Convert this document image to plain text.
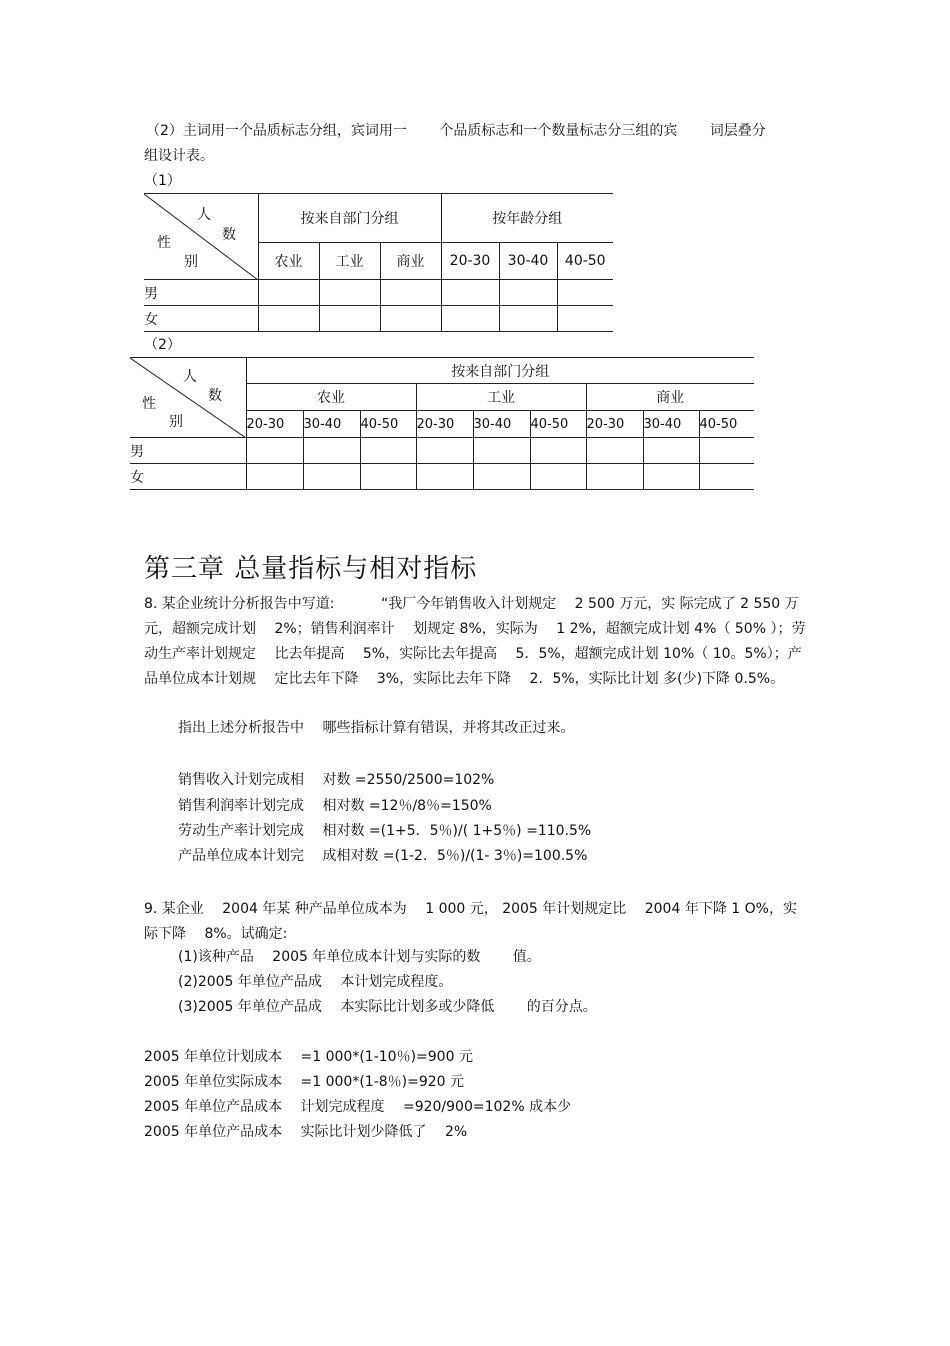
（2）主词用一个品质标志分组，宾词用一 　　个品质标志和一个数量标志分三组的宾 　　词层叠分
组设计表。
（1）
人
数
性
别	按来自部门分组			按年龄分组		
	农业	工业	商业	20-30	30-40	40-50
男						
女						
（2）
人
数
性
别	按来自部门分组								
	农业			工业			商业		
	20-30	30-40	40-50	20-30	30-40	40-50	20-30	30-40	40-50
男									
女									
第三章 总量指标与相对指标
8. 某企业统计分析报告中写道: 　　　“我厂今年销售收入计划规定 　2 500 万元，实 际完成了 2 550 万元，超额完成计划 　2%；销售利润率计 　划规定 8%，实际为 　1 2%，超额完成计划 4%（ 50% ）；劳动生产率计划规定 　比去年提高 　5%，实际比去年提高 　5．5%，超额完成计划 10%（ 10。5%）；产品单位成本计划规 　定比去年下降 　3%，实际比去年下降 　2．5%，实际比计划 多(少)下降 0.5%。
指出上述分析报告中 　哪些指标计算有错误，并将其改正过来。
销售收入计划完成相 　对数 =2550/2500=102%
销售利润率计划完成 　相对数 =12％/8％=150%
劳动生产率计划完成 　相对数 =(1+5．5％)/( 1+5％) =110.5%
产品单位成本计划完 　成相对数 =(1-2．5％)/(1- 3％)=100.5%
9. 某企业 　2004 年某 种产品单位成本为 　1 000 元， 2005 年计划规定比 　2004 年下降 1 O%，实际下降 　8%。试确定:
(1)该种产品 　2005 年单位成本计划与实际的数 　　值。
(2)2005 年单位产品成 　本计划完成程度。
(3)2005 年单位产品成 　本实际比计划多或少降低 　　的百分点。
2005 年单位计划成本 　=1 000*(1-10％)=900 元
2005 年单位实际成本 　=1 000*(1-8％)=920 元
2005 年单位产品成本 　计划完成程度 　=920/900=102% 成本少
2005 年单位产品成本 　实际比计划少降低了 　2%
